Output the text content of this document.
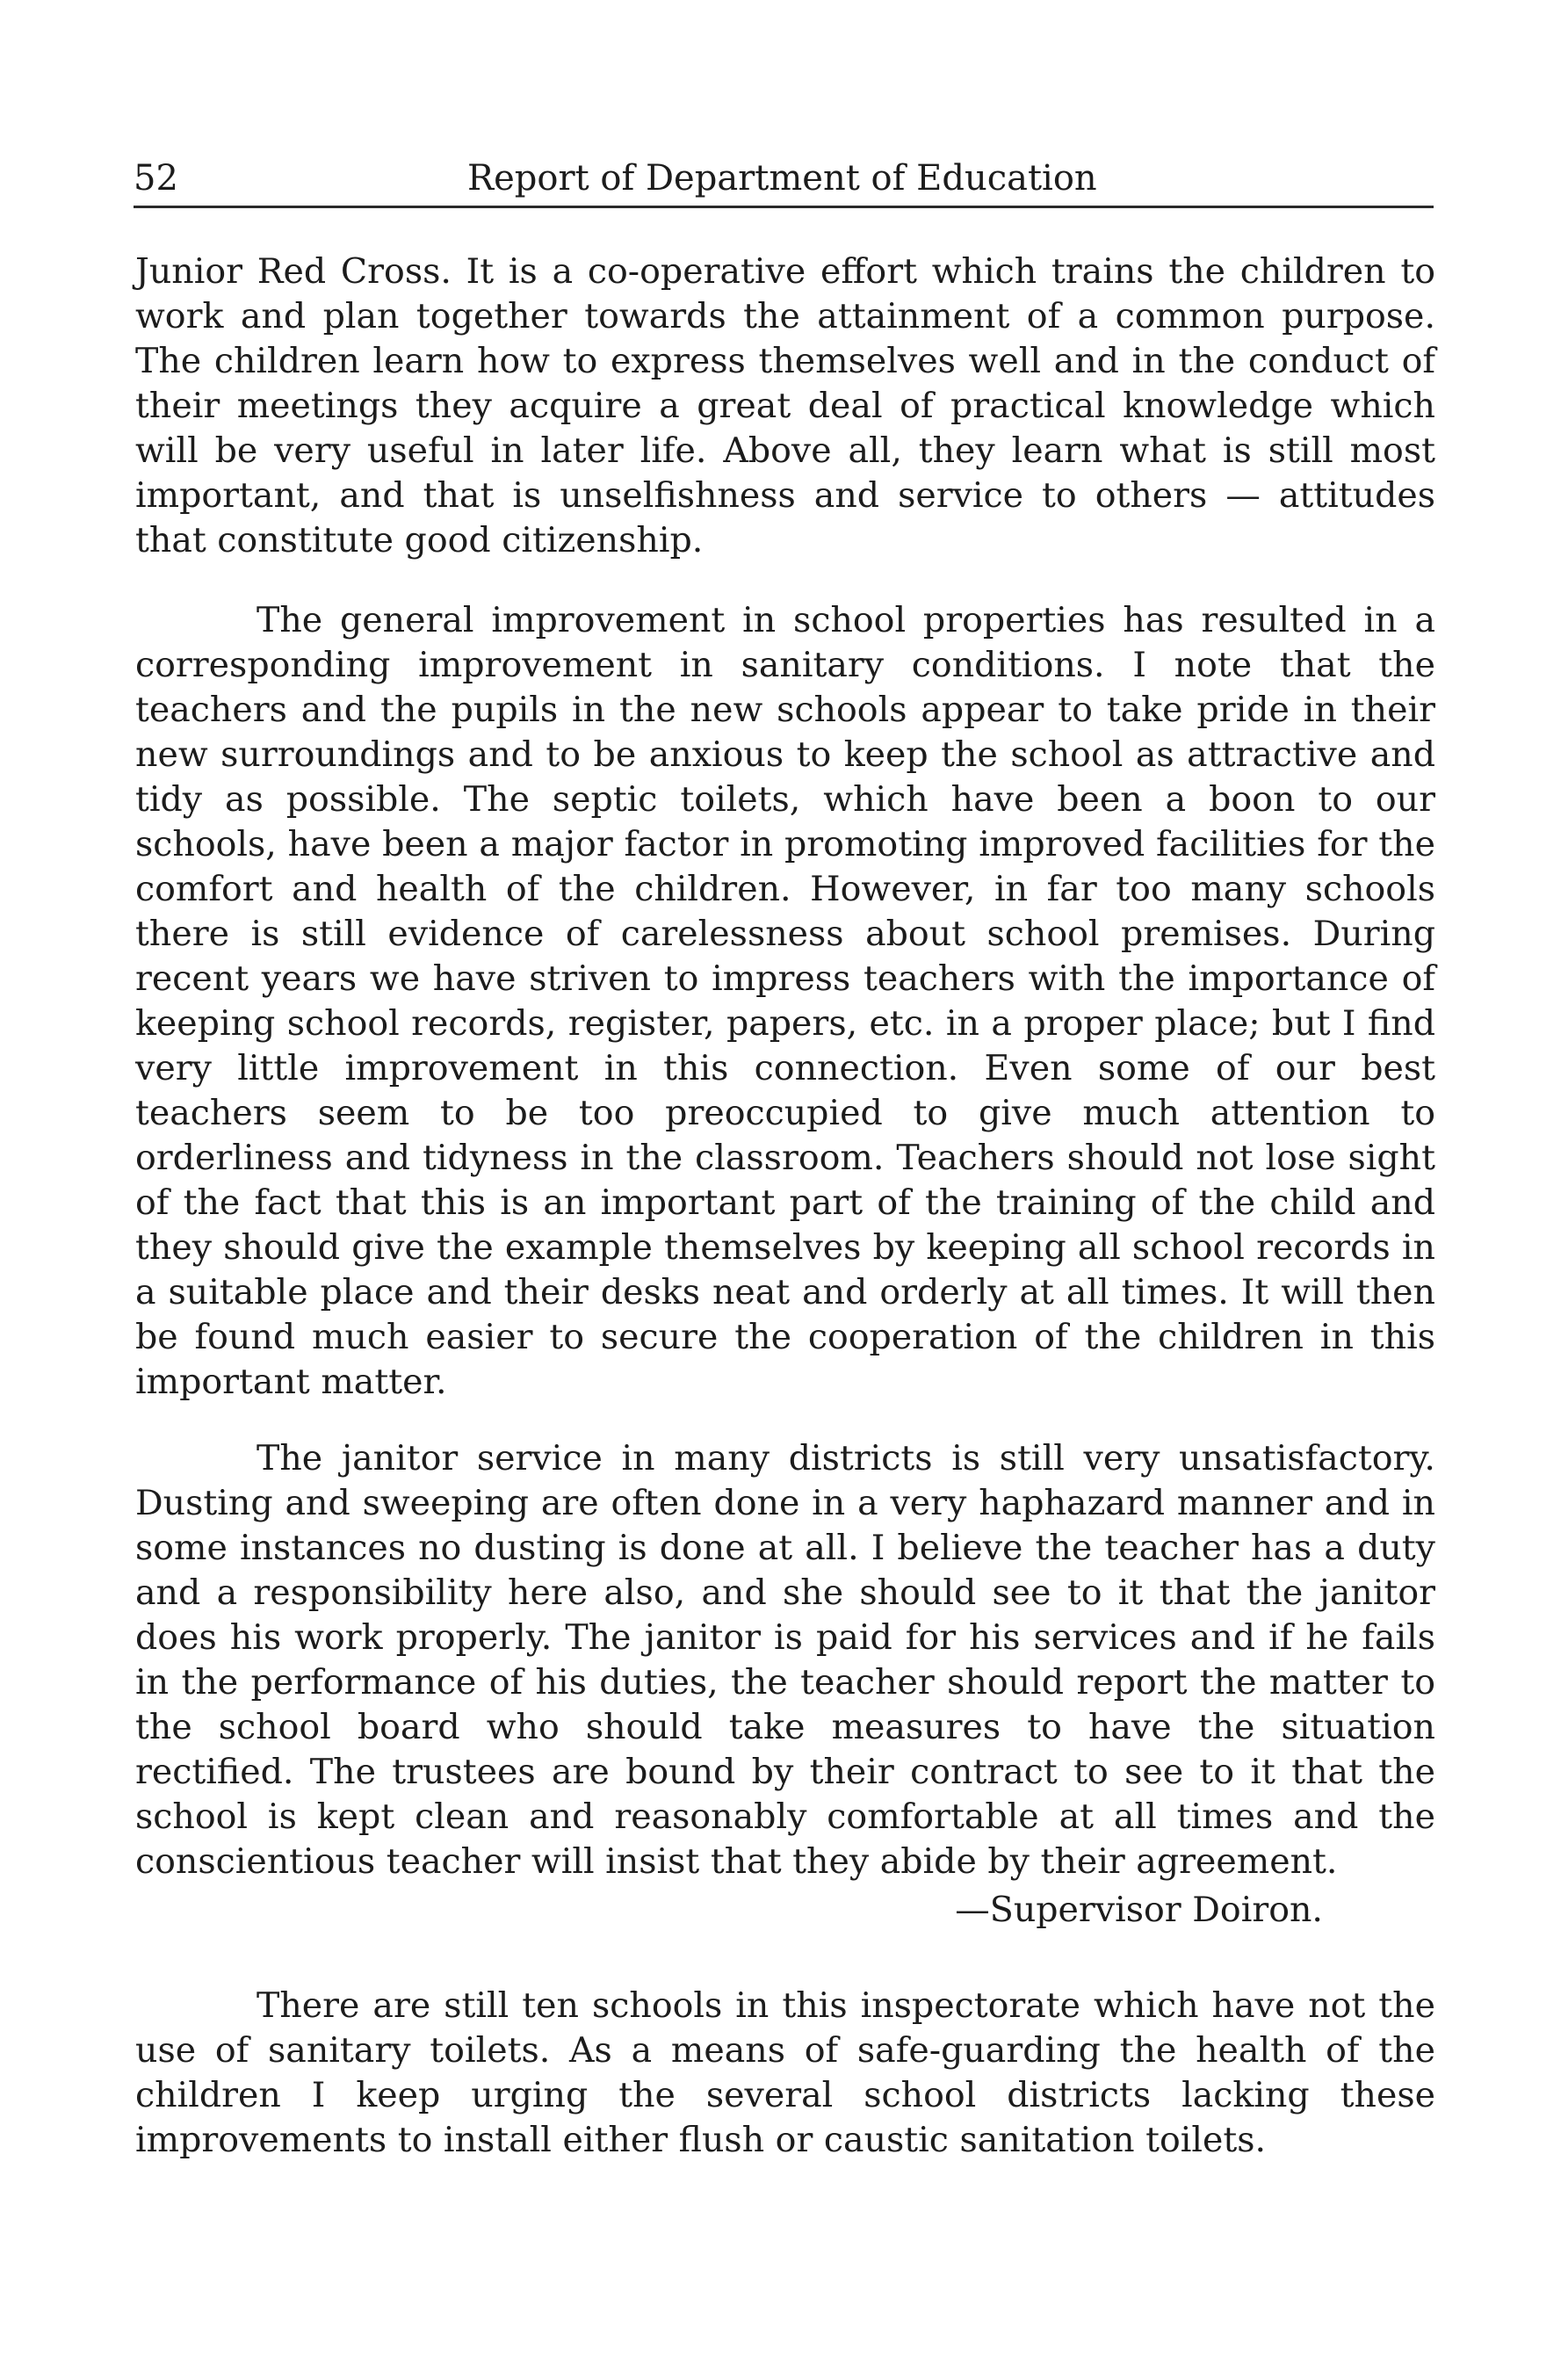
52	Report of Department of Education

Junior Red Cross. It is a co-operative effort which trains the children to work and plan together towards the attainment of a common purpose. The children learn how to express themselves well and in the conduct of their meetings they acquire a great deal of practical knowledge which will be very useful in later life. Above all, they learn what is still most important, and that is unselfishness and service to others — attitudes that constitute good citizenship.

The general improvement in school properties has resulted in a corresponding improvement in sanitary conditions. I note that the teachers and the pupils in the new schools appear to take pride in their new surroundings and to be anxious to keep the school as attractive and tidy as possible. The septic toilets, which have been a boon to our schools, have been a major factor in promoting improved facilities for the comfort and health of the children. However, in far too many schools there is still evidence of carelessness about school premises. During recent years we have striven to impress teachers with the importance of keeping school records, register, papers, etc. in a proper place; but I find very little improvement in this connection. Even some of our best teachers seem to be too preoccupied to give much attention to orderliness and tidyness in the classroom. Teachers should not lose sight of the fact that this is an important part of the training of the child and they should give the example themselves by keeping all school records in a suitable place and their desks neat and orderly at all times. It will then be found much easier to secure the cooperation of the children in this important matter.

The janitor service in many districts is still very unsatisfactory. Dusting and sweeping are often done in a very haphazard manner and in some instances no dusting is done at all. I believe the teacher has a duty and a responsibility here also, and she should see to it that the janitor does his work properly. The janitor is paid for his services and if he fails in the performance of his duties, the teacher should report the matter to the school board who should take measures to have the situation rectified. The trustees are bound by their contract to see to it that the school is kept clean and reasonably comfortable at all times and the conscientious teacher will insist that they abide by their agreement.

—Supervisor Doiron.

There are still ten schools in this inspectorate which have not the use of sanitary toilets. As a means of safe-guarding the health of the children I keep urging the several school districts lacking these improvements to install either flush or caustic sanitation toilets.
